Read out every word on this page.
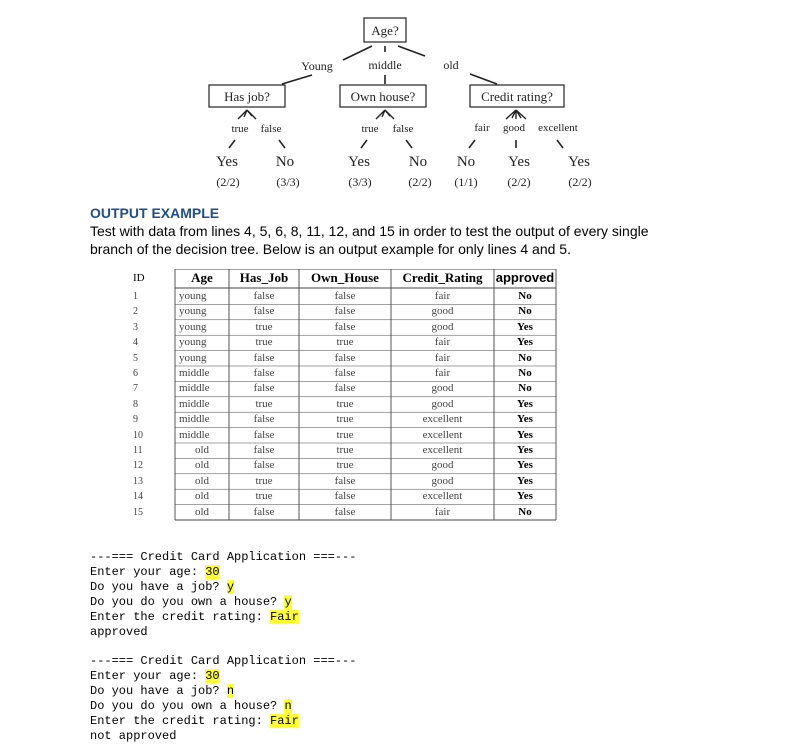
Age?
Young	middle	old
Has job?	Own house?	Credit rating?
true false	true false	fair good excellent
Yes	No	Yes	No No Yes	Yes
(2/2)	(3/3)	(3/3)	(2/2) (1/1) (2/2)	(2/2)
OUTPUT EXAMPLE
Test with data from lines 4, 5, 6, 8, 11, 12, and 15 in order to test the output of every single branch of the decision tree. Below is an output example for only lines 4 and 5.
ID	Age	Has_Job	Own_House	Credit_Rating	approved
1	young	false	false	fair	No
2	young	false	false	good	No
3	young	true	false	good	Yes
4	young	true	true	fair	Yes
5	young	false	false	fair	No
6	middle	false	false	fair	No
7	middle	false	false	good	No
8	middle	true	true	good	Yes
9	middle	false	true	excellent	Yes
10	middle	false	true	excellent	Yes
11	old	false	true	excellent	Yes
12	old	false	true	good	Yes
13	old	true	false	good	Yes
14	old	true	false	excellent	Yes
15	old	false	false	fair	No
---=== Credit Card Application ===---
Enter your age: 30
Do you have a job? y
Do you do you own a house? y
Enter the credit rating: Fair
approved
---=== Credit Card Application ===---
Enter your age: 30
Do you have a job? n
Do you do you own a house? n
Enter the credit rating: Fair
not approved
